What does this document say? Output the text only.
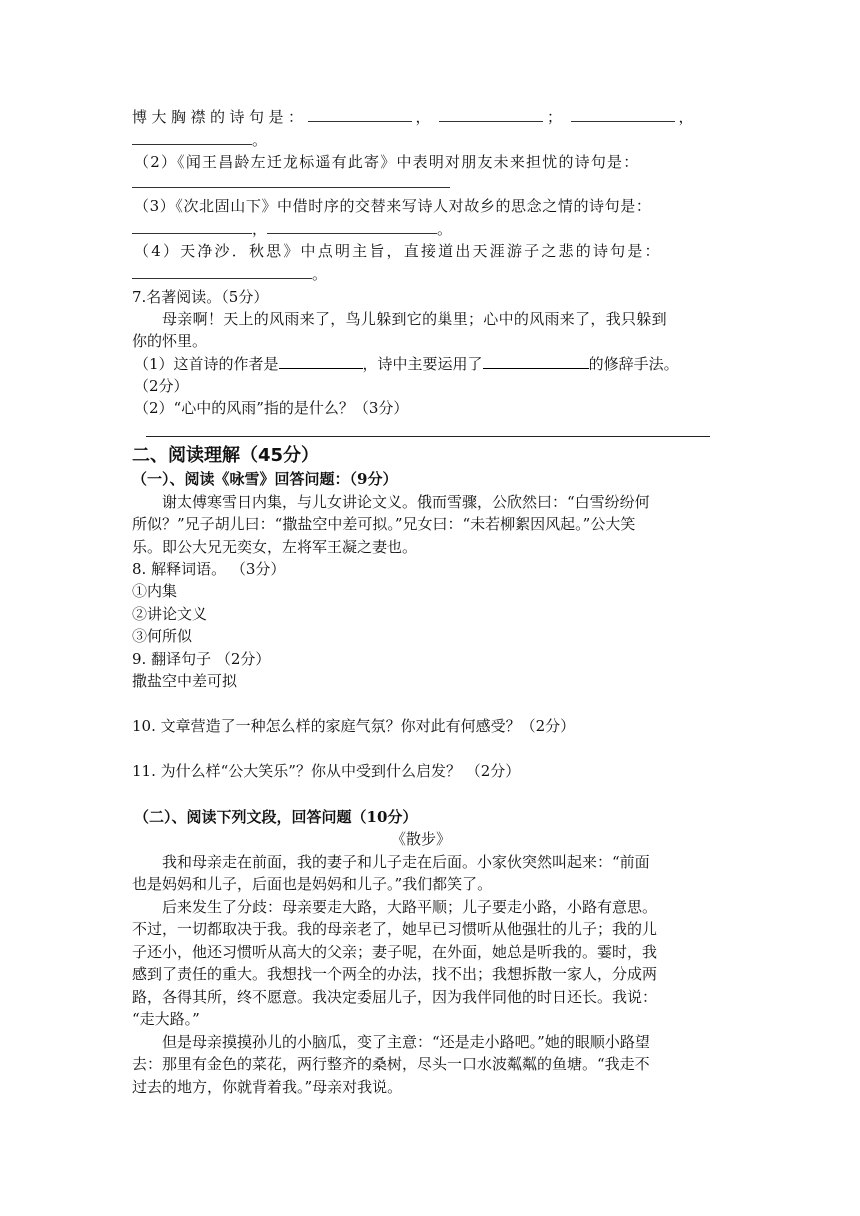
博大胸襟的诗句是：	，	；	，
。
（2）《闻王昌龄左迁龙标遥有此寄》中表明对朋友未来担忧的诗句是：
（3）《次北固山下》中借时序的交替来写诗人对故乡的思念之情的诗句是：
，	。
（4）天净沙．秋思》中点明主旨，直接道出天涯游子之悲的诗句是：
。
7.名著阅读。（5分）
母亲啊！天上的风雨来了，鸟儿躲到它的巢里；心中的风雨来了，我只躲到
你的怀里。
（1）这首诗的作者是	，诗中主要运用了	的修辞手法。
（2分）
（2）“心中的风雨”指的是什么？（3分）
二、阅读理解（45分）
（一）、阅读《咏雪》回答问题：（9分）
谢太傅寒雪日内集，与儿女讲论文义。俄而雪骤，公欣然曰：“白雪纷纷何
所似？”兄子胡儿曰：“撒盐空中差可拟。”兄女曰：“未若柳絮因风起。”公大笑
乐。即公大兄无奕女，左将军王凝之妻也。
8. 解释词语。 （3分）
①内集
②讲论文义
③何所似
9. 翻译句子 （2分）
撒盐空中差可拟
10. 文章营造了一种怎么样的家庭气氛？你对此有何感受？（2分）
11. 为什么样“公大笑乐”？你从中受到什么启发？ （2分）
（二）、阅读下列文段，回答问题（10分）
《散步》
我和母亲走在前面，我的妻子和儿子走在后面。小家伙突然叫起来：“前面
也是妈妈和儿子，后面也是妈妈和儿子。”我们都笑了。
后来发生了分歧：母亲要走大路，大路平顺；儿子要走小路，小路有意思。
不过，一切都取决于我。我的母亲老了，她早已习惯听从他强壮的儿子；我的儿
子还小，他还习惯听从高大的父亲；妻子呢，在外面，她总是听我的。霎时，我
感到了责任的重大。我想找一个两全的办法，找不出；我想拆散一家人，分成两
路，各得其所，终不愿意。我决定委屈儿子，因为我伴同他的时日还长。我说：
“走大路。”
但是母亲摸摸孙儿的小脑瓜，变了主意：“还是走小路吧。”她的眼顺小路望
去：那里有金色的菜花，两行整齐的桑树，尽头一口水波粼粼的鱼塘。“我走不
过去的地方，你就背着我。”母亲对我说。
